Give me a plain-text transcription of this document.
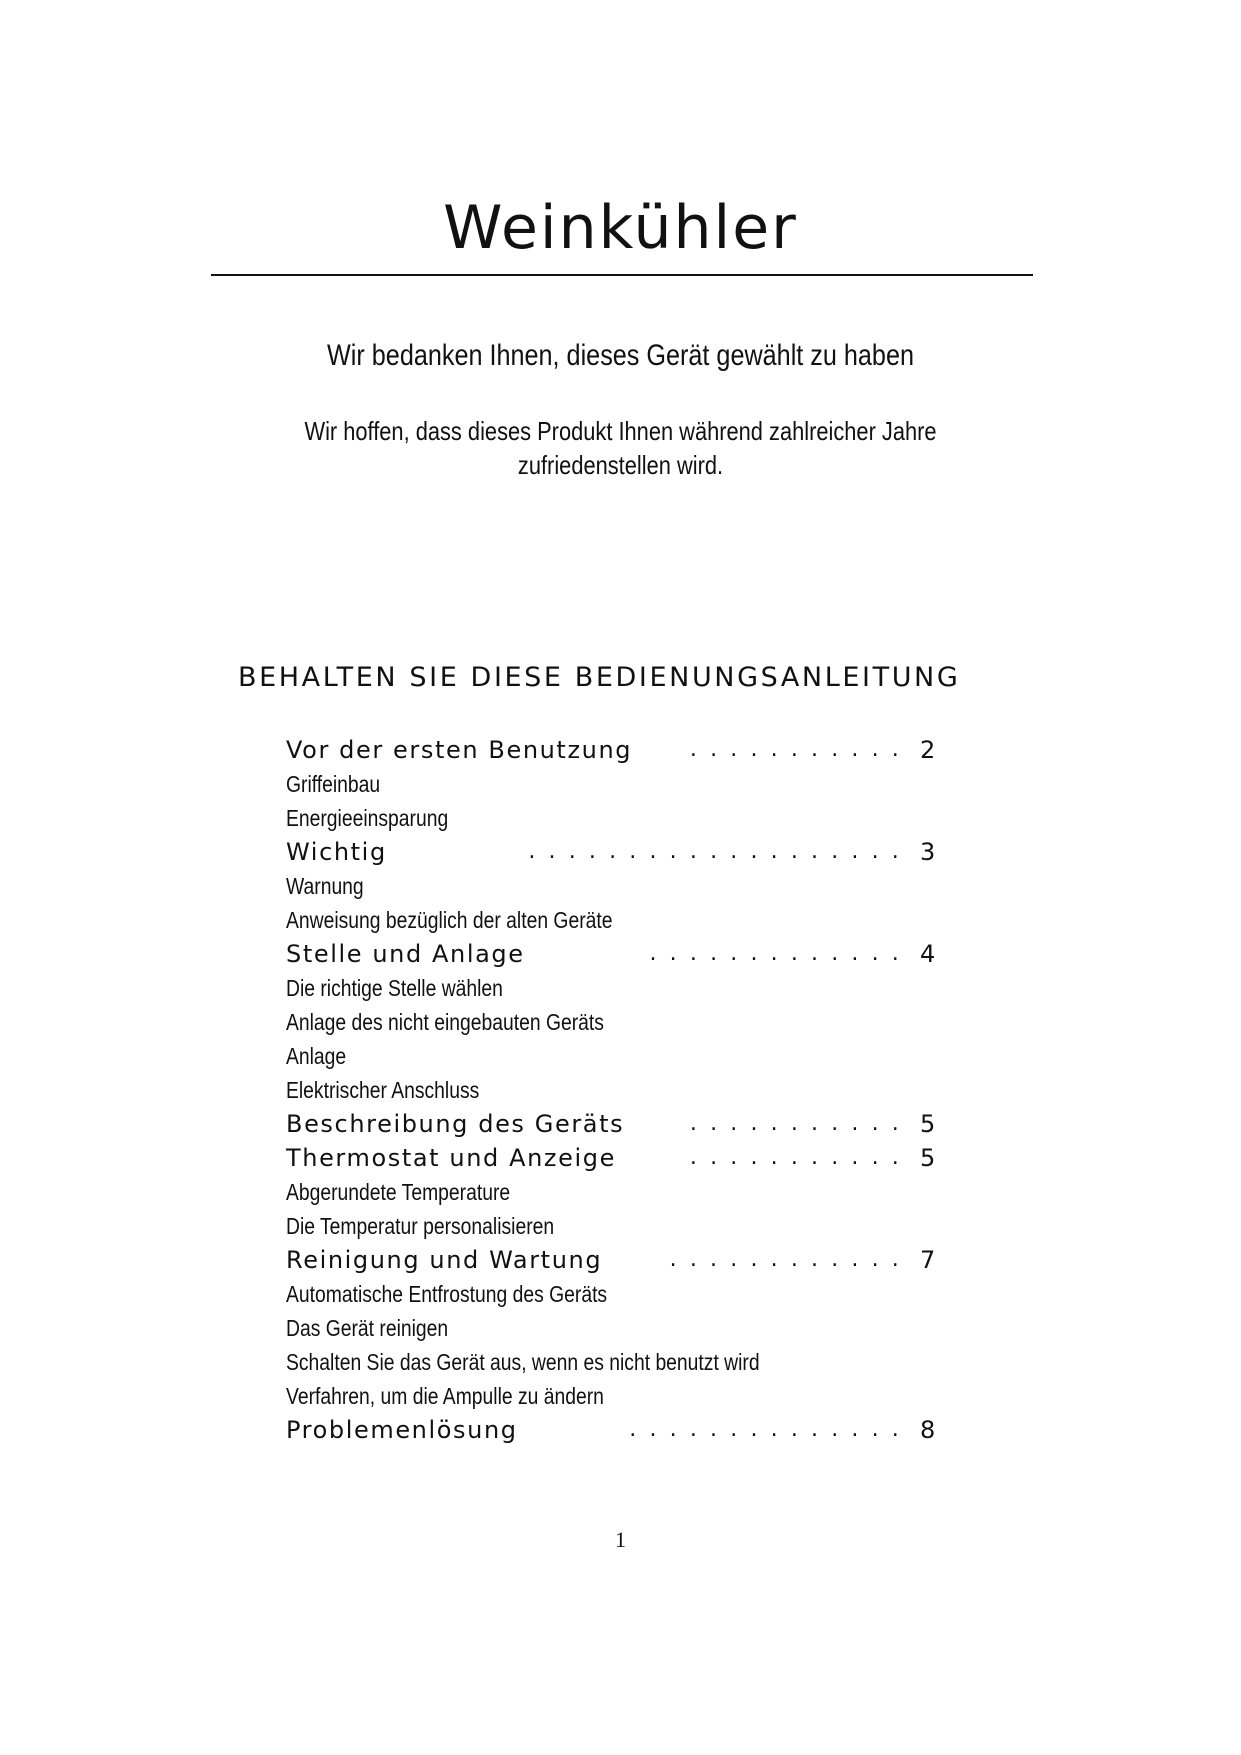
Weinkühler
Wir bedanken Ihnen, dieses Gerät gewählt zu haben
Wir hoffen, dass dieses Produkt Ihnen während zahlreicher Jahre
zufriedenstellen wird.
BEHALTEN SIE DIESE BEDIENUNGSANLEITUNG
Vor der ersten Benutzung	........... 2
Griffeinbau
Energieeinsparung
Wichtig	................... 3
Warnung
Anweisung bezüglich der alten Geräte
Stelle und Anlage	............. 4
Die richtige Stelle wählen
Anlage des nicht eingebauten Geräts
Anlage
Elektrischer Anschluss
Beschreibung des Geräts	........... 5
Thermostat und Anzeige	........... 5
Abgerundete Temperature
Die Temperatur personalisieren
Reinigung und Wartung	............ 7
Automatische Entfrostung des Geräts
Das Gerät reinigen
Schalten Sie das Gerät aus, wenn es nicht benutzt wird
Verfahren, um die Ampulle zu ändern
Problemenlösung	.............. 8
1
